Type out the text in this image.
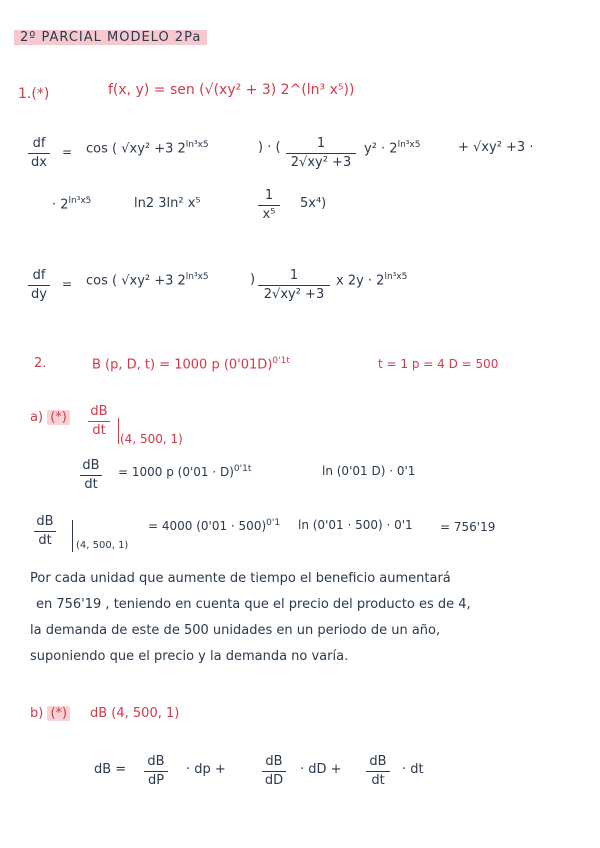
2º PARCIAL MODELO 2Pa
1.(*)	f(x, y) = sen (√(xy² + 3) 2^(ln³ x⁵))
df
dx
= cos ( √xy² +3 $2^{ln^3x5}$	) · (	1
2√xy² +3
$y^2 \cdot 2^{ln^3x5}$	+ √xy² +3 ·
· $2^{ln^3x5}$	ln2 3ln² x⁵
1
x⁵
5x⁴)
df
dy
= cos ( √xy² +3 $2^{ln^3x5}$	)	1
2√xy² +3
x $2y \cdot 2^{ln^3x5}$
2.	B (p, D, t) = 1000 p $(0'01D)^{0'1t}$	t = 1 p = 4 D = 500
a) (*) dB
dt
(4, 500, 1)
dB
dt
= 1000 p $(0'01 \cdot D)^{0'1t}$	ln (0'01 D) · 0'1
dB
dt	(4, 500, 1)
= 4000 $(0'01 \cdot 500)^{0'1}$ ln (0'01 · 500) · 0'1 = 756'19
Por cada unidad que aumente de tiempo el beneficio aumentará
en 756'19 , teniendo en cuenta que el precio del producto es de 4,
la demanda de este de 500 unidades en un periodo de un año,
suponiendo que el precio y la demanda no varía.
b) (*) dB (4, 500, 1)
dB =
dB
dP
· dp +
dB
dD
· dD +
dB
dt
· dt
